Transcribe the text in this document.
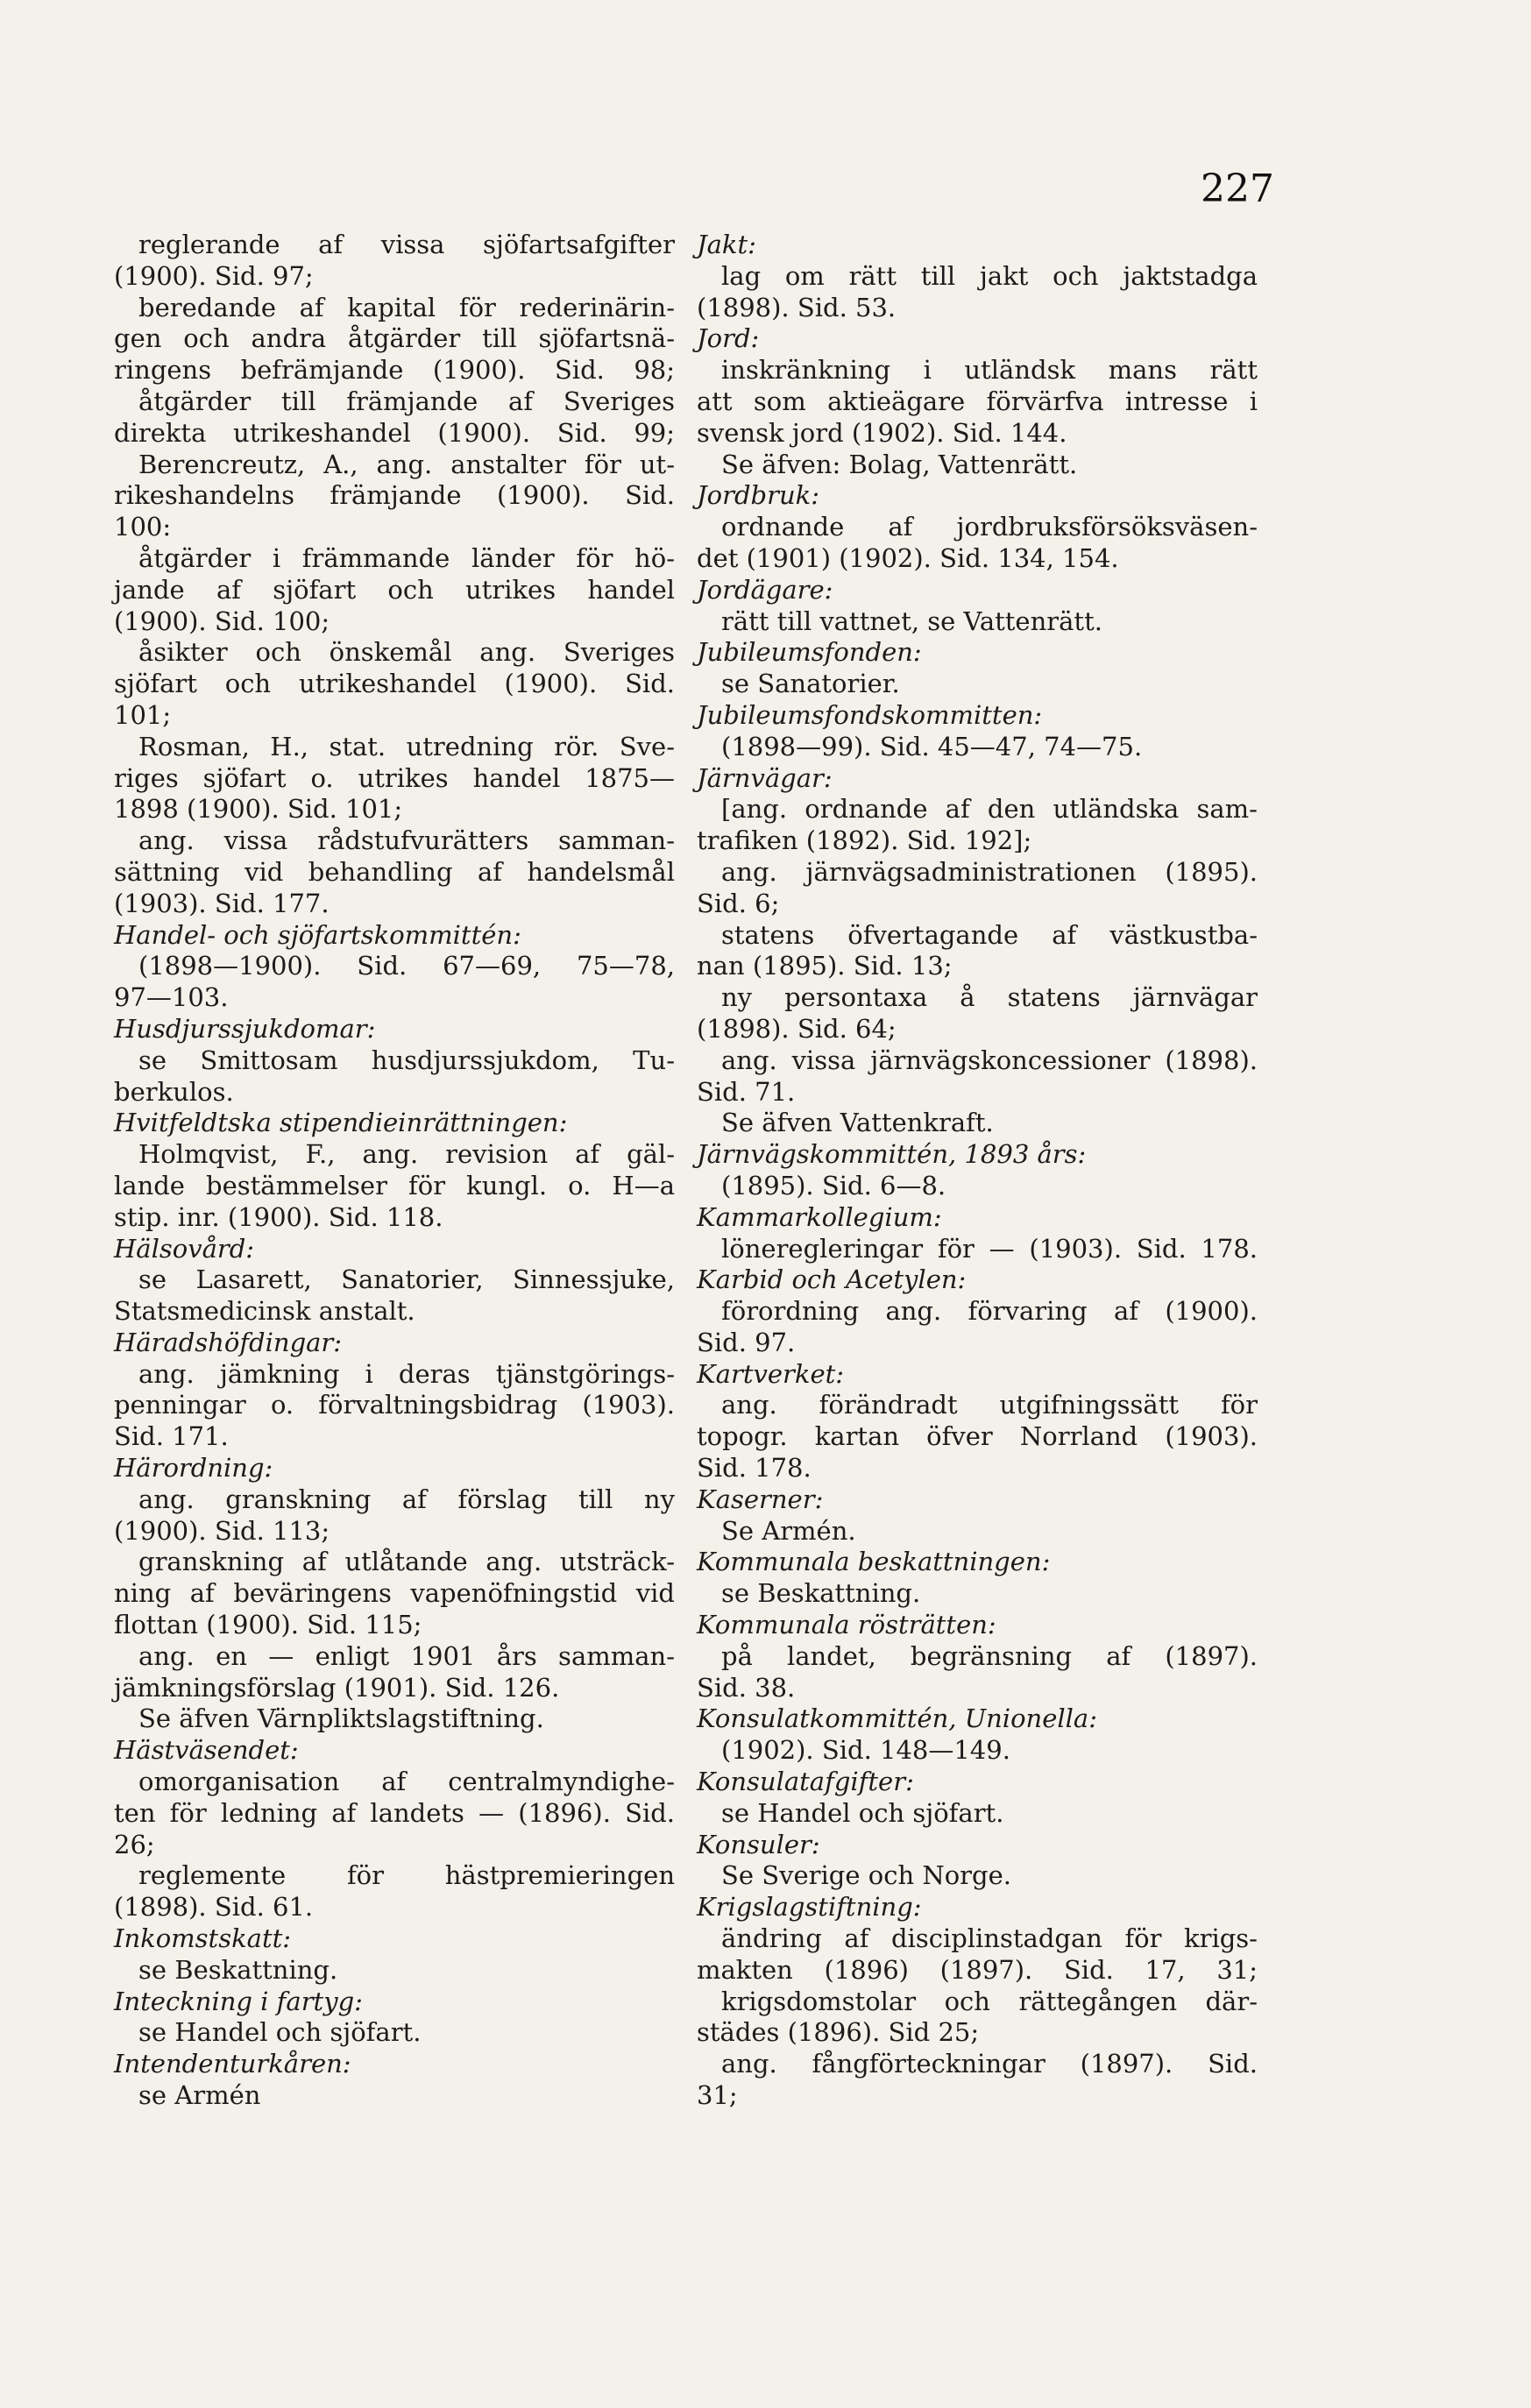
227
reglerande af vissa sjöfartsafgifter
(1900). Sid. 97;
beredande af kapital för rederinärin-
gen och andra åtgärder till sjöfartsnä-
ringens befrämjande (1900). Sid. 98;
åtgärder till främjande af Sveriges
direkta utrikeshandel (1900). Sid. 99;
Berencreutz, A., ang. anstalter för ut-
rikeshandelns främjande (1900). Sid.
100:
åtgärder i främmande länder för hö-
jande af sjöfart och utrikes handel
(1900). Sid. 100;
åsikter och önskemål ang. Sveriges
sjöfart och utrikeshandel (1900). Sid.
101;
Rosman, H., stat. utredning rör. Sve-
riges sjöfart o. utrikes handel 1875—
1898 (1900). Sid. 101;
ang. vissa rådstufvurätters samman-
sättning vid behandling af handelsmål
(1903). Sid. 177.
Handel- och sjöfartskommittén:
(1898—1900). Sid. 67—69, 75—78,
97—103.
Husdjurssjukdomar:
se Smittosam husdjurssjukdom, Tu-
berkulos.
Hvitfeldtska stipendieinrättningen:
Holmqvist, F., ang. revision af gäl-
lande bestämmelser för kungl. o. H—a
stip. inr. (1900). Sid. 118.
Hälsovård:
se Lasarett, Sanatorier, Sinnessjuke,
Statsmedicinsk anstalt.
Häradshöfdingar:
ang. jämkning i deras tjänstgörings-
penningar o. förvaltningsbidrag (1903).
Sid. 171.
Härordning:
ang. granskning af förslag till ny
(1900). Sid. 113;
granskning af utlåtande ang. utsträck-
ning af beväringens vapenöfningstid vid
flottan (1900). Sid. 115;
ang. en — enligt 1901 års samman-
jämkningsförslag (1901). Sid. 126.
Se äfven Värnpliktslagstiftning.
Hästväsendet:
omorganisation af centralmyndighe-
ten för ledning af landets — (1896). Sid.
26;
reglemente för hästpremieringen
(1898). Sid. 61.
Inkomstskatt:
se Beskattning.
Inteckning i fartyg:
se Handel och sjöfart.
Intendenturkåren:
se Armén
Jakt:
lag om rätt till jakt och jaktstadga
(1898). Sid. 53.
Jord:
inskränkning i utländsk mans rätt
att som aktieägare förvärfva intresse i
svensk jord (1902). Sid. 144.
Se äfven: Bolag, Vattenrätt.
Jordbruk:
ordnande af jordbruksförsöksväsen-
det (1901) (1902). Sid. 134, 154.
Jordägare:
rätt till vattnet, se Vattenrätt.
Jubileumsfonden:
se Sanatorier.
Jubileumsfondskommitten:
(1898—99). Sid. 45—47, 74—75.
Järnvägar:
[ang. ordnande af den utländska sam-
trafiken (1892). Sid. 192];
ang. järnvägsadministrationen (1895).
Sid. 6;
statens öfvertagande af västkustba-
nan (1895). Sid. 13;
ny persontaxa å statens järnvägar
(1898). Sid. 64;
ang. vissa järnvägskoncessioner (1898).
Sid. 71.
Se äfven Vattenkraft.
Järnvägskommittén, 1893 års:
(1895). Sid. 6—8.
Kammarkollegium:
löneregleringar för — (1903). Sid. 178.
Karbid och Acetylen:
förordning ang. förvaring af (1900).
Sid. 97.
Kartverket:
ang. förändradt utgifningssätt för
topogr. kartan öfver Norrland (1903).
Sid. 178.
Kaserner:
Se Armén.
Kommunala beskattningen:
se Beskattning.
Kommunala rösträtten:
på landet, begränsning af (1897).
Sid. 38.
Konsulatkommittén, Unionella:
(1902). Sid. 148—149.
Konsulatafgifter:
se Handel och sjöfart.
Konsuler:
Se Sverige och Norge.
Krigslagstiftning:
ändring af disciplinstadgan för krigs-
makten (1896) (1897). Sid. 17, 31;
krigsdomstolar och rättegången där-
städes (1896). Sid 25;
ang. fångförteckningar (1897). Sid.
31;
